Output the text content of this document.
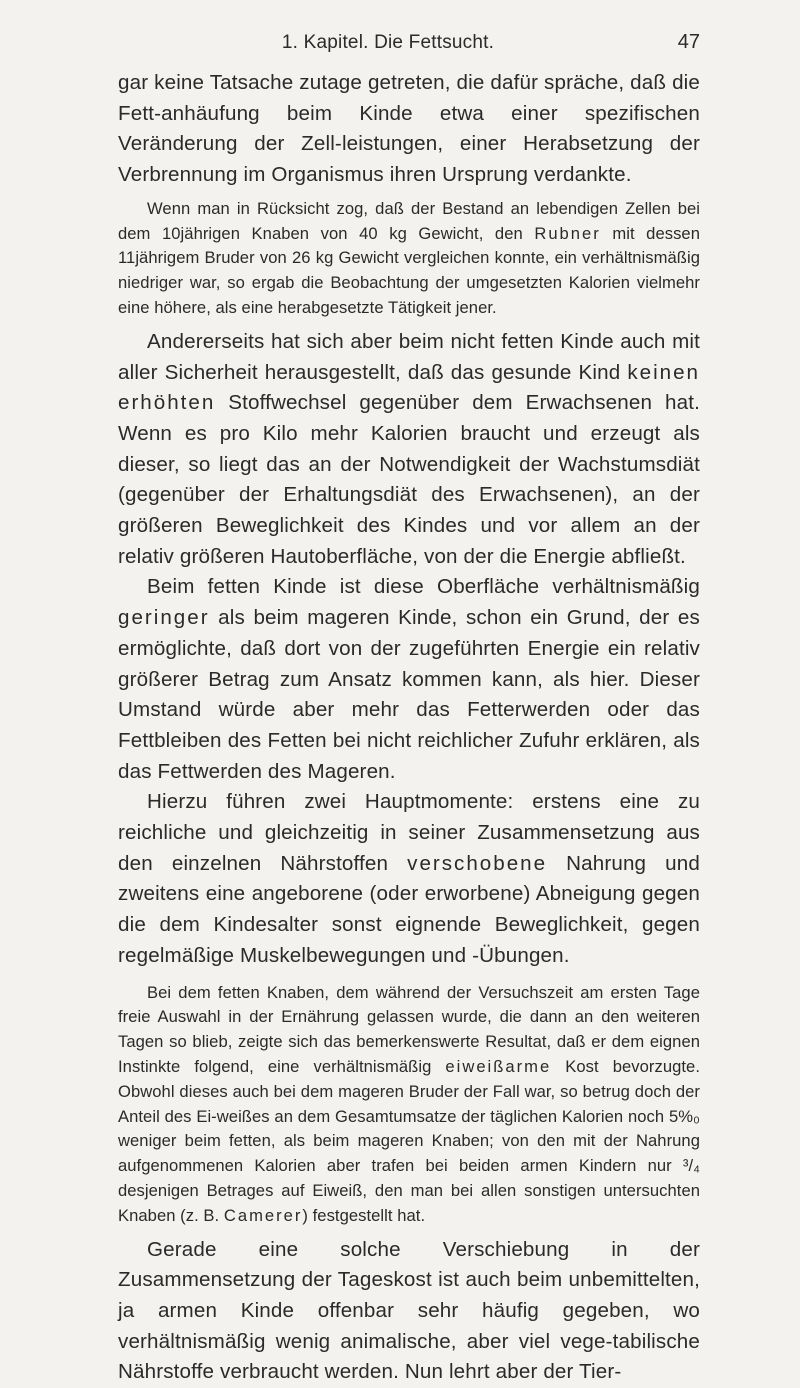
1. Kapitel. Die Fettsucht.	47

gar keine Tatsache zutage getreten, die dafür spräche, daß die Fett-anhäufung beim Kinde etwa einer spezifischen Veränderung der Zell-leistungen, einer Herabsetzung der Verbrennung im Organismus ihren Ursprung verdankte.

Wenn man in Rücksicht zog, daß der Bestand an lebendigen Zellen bei dem 10jährigen Knaben von 40 kg Gewicht, den Rubner mit dessen 11jährigem Bruder von 26 kg Gewicht vergleichen konnte, ein verhältnismäßig niedriger war, so ergab die Beobachtung der umgesetzten Kalorien vielmehr eine höhere, als eine herabgesetzte Tätigkeit jener.

Andererseits hat sich aber beim nicht fetten Kinde auch mit aller Sicherheit herausgestellt, daß das gesunde Kind keinen erhöhten Stoffwechsel gegenüber dem Erwachsenen hat. Wenn es pro Kilo mehr Kalorien braucht und erzeugt als dieser, so liegt das an der Notwendigkeit der Wachstumsdiät (gegenüber der Erhaltungsdiät des Erwachsenen), an der größeren Beweglichkeit des Kindes und vor allem an der relativ größeren Hautoberfläche, von der die Energie abfließt.

Beim fetten Kinde ist diese Oberfläche verhältnismäßig geringer als beim mageren Kinde, schon ein Grund, der es ermöglichte, daß dort von der zugeführten Energie ein relativ größerer Betrag zum Ansatz kommen kann, als hier. Dieser Umstand würde aber mehr das Fetterwerden oder das Fettbleiben des Fetten bei nicht reichlicher Zufuhr erklären, als das Fettwerden des Mageren.

Hierzu führen zwei Hauptmomente: erstens eine zu reichliche und gleichzeitig in seiner Zusammensetzung aus den einzelnen Nährstoffen verschobene Nahrung und zweitens eine angeborene (oder erworbene) Abneigung gegen die dem Kindesalter sonst eignende Beweglichkeit, gegen regelmäßige Muskelbewegungen und -Übungen.

Bei dem fetten Knaben, dem während der Versuchszeit am ersten Tage freie Auswahl in der Ernährung gelassen wurde, die dann an den weiteren Tagen so blieb, zeigte sich das bemerkenswerte Resultat, daß er dem eignen Instinkte folgend, eine verhältnismäßig eiweißarme Kost bevorzugte. Obwohl dieses auch bei dem mageren Bruder der Fall war, so betrug doch der Anteil des Ei-weißes an dem Gesamtumsatze der täglichen Kalorien noch 5%₀ weniger beim fetten, als beim mageren Knaben; von den mit der Nahrung aufgenommenen Kalorien aber trafen bei beiden armen Kindern nur ³/₄ desjenigen Betrages auf Eiweiß, den man bei allen sonstigen untersuchten Knaben (z. B. Camerer) festgestellt hat.

Gerade eine solche Verschiebung in der Zusammensetzung der Tageskost ist auch beim unbemittelten, ja armen Kinde offenbar sehr häufig gegeben, wo verhältnismäßig wenig animalische, aber viel vege-tabilische Nährstoffe verbraucht werden. Nun lehrt aber der Tier-
